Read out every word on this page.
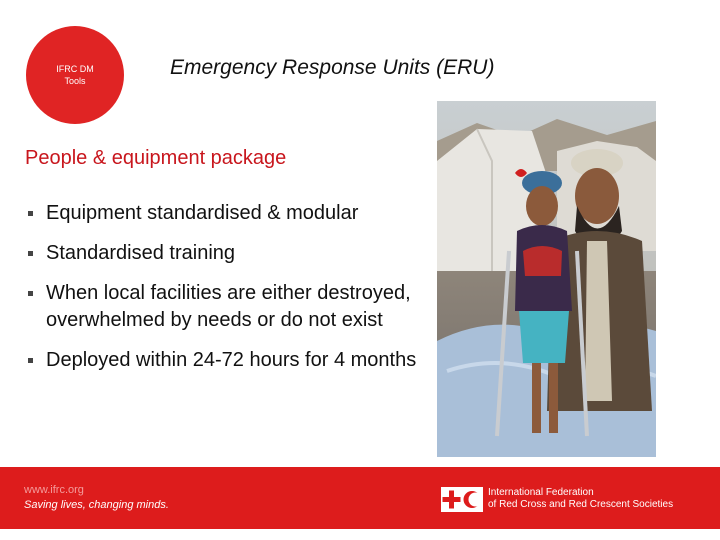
IFRC DM
Tools
Emergency Response Units (ERU)
People & equipment package
Equipment standardised & modular
Standardised training
When local facilities are either destroyed, overwhelmed by needs or do not exist
Deployed within 24-72 hours for 4 months
www.ifrc.org
Saving lives, changing minds.
International Federation
of Red Cross and Red Crescent Societies
